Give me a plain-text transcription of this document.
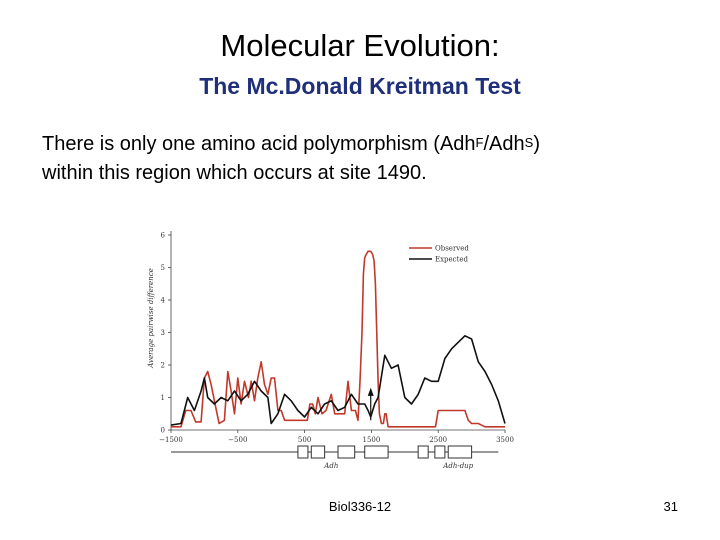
Molecular Evolution:
The Mc.Donald Kreitman Test
There is only one amino acid polymorphism (Adh$^F$/Adh$^S$)
within this region which occurs at site 1490.
0
1
2
3
4
5
6
−1500	−500	500	1500	2500	3500
Observed
Expected
Adh	Adh-dup
Average pairwise difference
Biol336-12	31
